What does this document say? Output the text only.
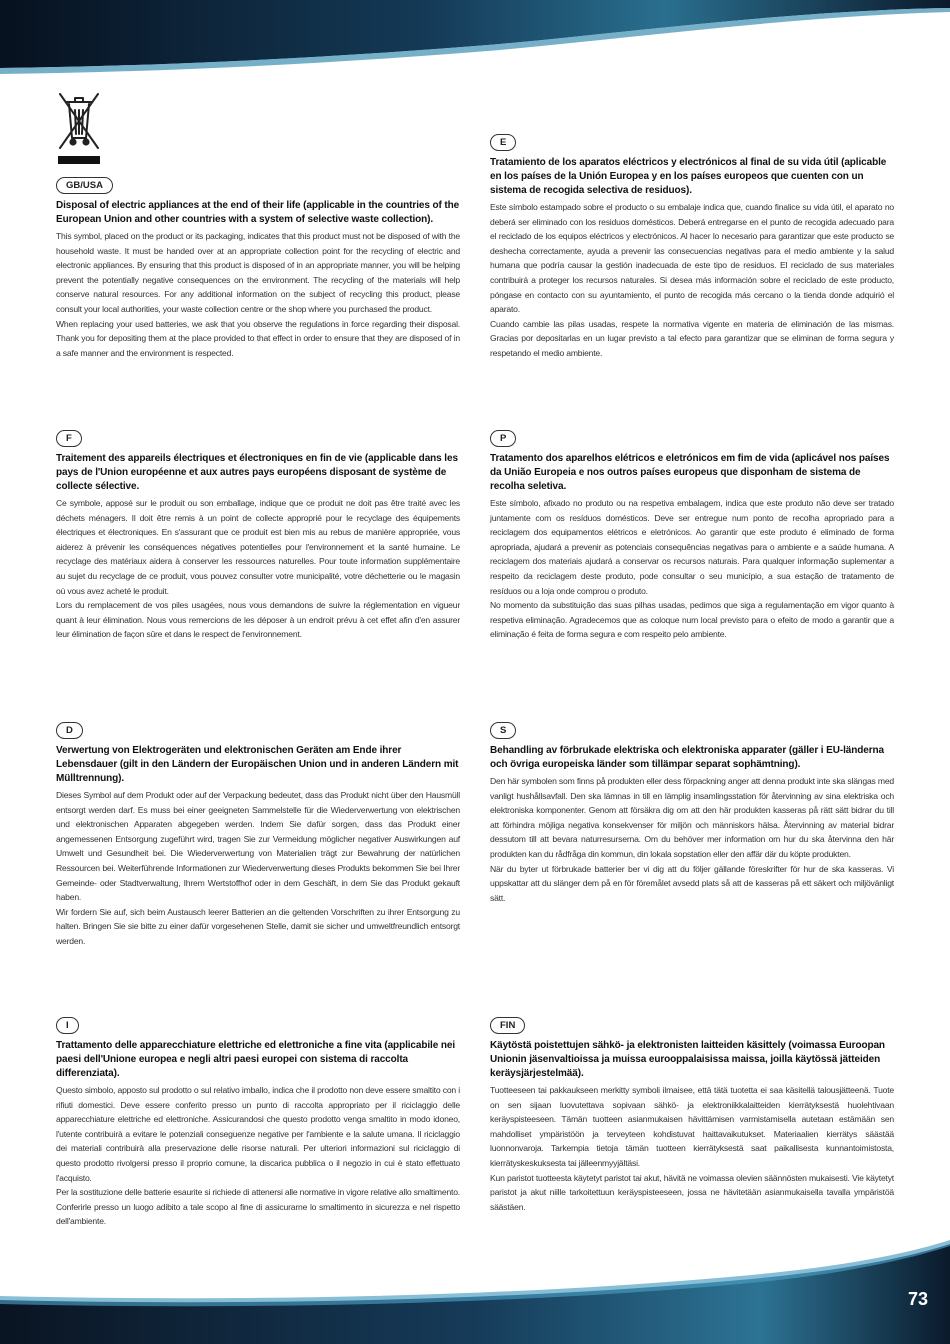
GB/USA

Disposal of electric appliances at the end of their life (applicable in the countries of the European Union and other countries with a system of selective waste collection).

This symbol, placed on the product or its packaging, indicates that this product must not be disposed of with the household waste. It must be handed over at an appropriate collection point for the recycling of electric and electronic appliances. By ensuring that this product is disposed of in an appropriate manner, you will be helping prevent the potentially negative consequences on the environment. The recycling of the materials will help conserve natural resources. For any additional information on the subject of recycling this product, please consult your local authorities, your waste collection centre or the shop where you purchased the product.

When replacing your used batteries, we ask that you observe the regulations in force regarding their disposal. Thank you for depositing them at the place provided to that effect in order to ensure that they are disposed of in a safe manner and the environment is respected.

E

Tratamiento de los aparatos eléctricos y electrónicos al final de su vida útil (aplicable en los países de la Unión Europea y en los países europeos que cuenten con un sistema de recogida selectiva de residuos).

Este símbolo estampado sobre el producto o su embalaje indica que, cuando finalice su vida útil, el aparato no deberá ser eliminado con los residuos domésticos. Deberá entregarse en el punto de recogida adecuado para el reciclado de los equipos eléctricos y electrónicos. Al hacer lo necesario para garantizar que este producto se deshecha correctamente, ayuda a prevenir las consecuencias negativas para el medio ambiente y la salud humana que podría causar la gestión inadecuada de este tipo de residuos. El reciclado de sus materiales contribuirá a proteger los recursos naturales. Si desea más información sobre el reciclado de este producto, póngase en contacto con su ayuntamiento, el punto de recogida más cercano o la tienda donde adquirió el aparato.

Cuando cambie las pilas usadas, respete la normativa vigente en materia de eliminación de las mismas. Gracias por depositarlas en un lugar previsto a tal efecto para garantizar que se eliminan de forma segura y respetando el medio ambiente.

F

Traitement des appareils électriques et électroniques en fin de vie (applicable dans les pays de l'Union européenne et aux autres pays européens disposant de système de collecte sélective.

Ce symbole, apposé sur le produit ou son emballage, indique que ce produit ne doit pas être traité avec les déchets ménagers. Il doit être remis à un point de collecte approprié pour le recyclage des équipements électriques et électroniques. En s'assurant que ce produit est bien mis au rebus de manière appropriée, vous aiderez à prévenir les conséquences négatives potentielles pour l'environnement et la santé humaine. Le recyclage des matériaux aidera à conserver les ressources naturelles. Pour toute information supplémentaire au sujet du recyclage de ce produit, vous pouvez consulter votre municipalité, votre déchetterie ou le magasin où vous avez acheté le produit.

Lors du remplacement de vos piles usagées, nous vous demandons de suivre la réglementation en vigueur quant à leur élimination. Nous vous remercions de les déposer à un endroit prévu à cet effet afin d'en assurer leur élimination de façon sûre et dans le respect de l'environnement.

P

Tratamento dos aparelhos elétricos e eletrónicos em fim de vida (aplicável nos países da União Europeia e nos outros países europeus que disponham de sistema de recolha seletiva.

Este símbolo, afixado no produto ou na respetiva embalagem, indica que este produto não deve ser tratado juntamente com os resíduos domésticos. Deve ser entregue num ponto de recolha apropriado para a reciclagem dos equipamentos elétricos e eletrónicos. Ao garantir que este produto é eliminado de forma apropriada, ajudará a prevenir as potenciais consequências negativas para o ambiente e a saúde humana. A reciclagem dos materiais ajudará a conservar os recursos naturais. Para qualquer informação suplementar a respeito da reciclagem deste produto, pode consultar o seu município, a sua estação de tratamento de resíduos ou a loja onde comprou o produto.

No momento da substituição das suas pilhas usadas, pedimos que siga a regulamentação em vigor quanto à respetiva eliminação. Agradecemos que as coloque num local previsto para o efeito de modo a garantir que a eliminação é feita de forma segura e com respeito pelo ambiente.

D

Verwertung von Elektrogeräten und elektronischen Geräten am Ende ihrer Lebensdauer (gilt in den Ländern der Europäischen Union und in anderen Ländern mit Mülltrennung).

Dieses Symbol auf dem Produkt oder auf der Verpackung bedeutet, dass das Produkt nicht über den Hausmüll entsorgt werden darf. Es muss bei einer geeigneten Sammelstelle für die Wiederverwertung von elektrischen und elektronischen Apparaten abgegeben werden. Indem Sie dafür sorgen, dass das Produkt einer angemessenen Entsorgung zugeführt wird, tragen Sie zur Vermeidung möglicher negativer Auswirkungen auf Umwelt und Gesundheit bei. Die Wiederverwertung von Materialien trägt zur Bewahrung der natürlichen Ressourcen bei. Weiterführende Informationen zur Wiederverwertung dieses Produkts bekommen Sie bei Ihrer Gemeinde- oder Stadtverwaltung, Ihrem Wertstoffhof oder in dem Geschäft, in dem Sie das Produkt gekauft haben.

Wir fordern Sie auf, sich beim Austausch leerer Batterien an die geltenden Vorschriften zu ihrer Entsorgung zu halten. Bringen Sie sie bitte zu einer dafür vorgesehenen Stelle, damit sie sicher und umweltfreundlich entsorgt werden.

S

Behandling av förbrukade elektriska och elektroniska apparater (gäller i EU-länderna och övriga europeiska länder som tillämpar separat sophämtning).

Den här symbolen som finns på produkten eller dess förpackning anger att denna produkt inte ska slängas med vanligt hushållsavfall. Den ska lämnas in till en lämplig insamlingsstation för återvinning av sina elektriska och elektroniska komponenter. Genom att försäkra dig om att den här produkten kasseras på rätt sätt bidrar du till att förhindra möjliga negativa konsekvenser för miljön och människors hälsa. Återvinning av material bidrar dessutom till att bevara naturresurserna. Om du behöver mer information om hur du ska återvinna den här produkten kan du rådfråga din kommun, din lokala sopstation eller den affär där du köpte produkten.

När du byter ut förbrukade batterier ber vi dig att du följer gällande föreskrifter för hur de ska kasseras. Vi uppskattar att du slänger dem på en för föremålet avsedd plats så att de kasseras på ett säkert och miljövänligt sätt.

I

Trattamento delle apparecchiature elettriche ed elettroniche a fine vita (applicabile nei paesi dell'Unione europea e negli altri paesi europei con sistema di raccolta differenziata).

Questo simbolo, apposto sul prodotto o sul relativo imballo, indica che il prodotto non deve essere smaltito con i rifiuti domestici. Deve essere conferito presso un punto di raccolta appropriato per il riciclaggio delle apparecchiature elettriche ed elettroniche. Assicurandosi che questo prodotto venga smaltito in modo idoneo, l'utente contribuirà a evitare le potenziali conseguenze negative per l'ambiente e la salute umana. Il riciclaggio dei materiali contribuirà alla preservazione delle risorse naturali. Per ulteriori informazioni sul riciclaggio di questo prodotto rivolgersi presso il proprio comune, la discarica pubblica o il negozio in cui è stato effettuato l'acquisto.

Per la sostituzione delle batterie esaurite si richiede di attenersi alle normative in vigore relative allo smaltimento. Conferirle presso un luogo adibito a tale scopo al fine di assicurarne lo smaltimento in sicurezza e nel rispetto dell'ambiente.

FIN

Käytöstä poistettujen sähkö- ja elektronisten laitteiden käsittely (voimassa Euroopan Unionin jäsenvaltioissa ja muissa eurooppalaisissa maissa, joilla käytössä jätteiden keräysjärjestelmää).

Tuotteeseen tai pakkaukseen merkitty symboli ilmaisee, että tätä tuotetta ei saa käsitellä talousjätteenä. Tuote on sen sijaan luovutettava sopivaan sähkö- ja elektroniikkalaitteiden kierrätyksestä huolehtivaan keräyspisteeseen. Tämän tuotteen asianmukaisen hävittämisen varmistamisella autetaan estämään sen mahdolliset ympäristöön ja terveyteen kohdistuvat haittavaikutukset. Materiaalien kierrätys säästää luonnonvaroja. Tarkempia tietoja tämän tuotteen kierrätyksestä saat paikallisesta kunnantoimistosta, kierrätyskeskuksesta tai jälleenmyyjältäsi.

Kun paristot tuotteesta käytetyt paristot tai akut, hävitä ne voimassa olevien säännösten mukaisesti. Vie käytetyt paristot ja akut niille tarkoitettuun keräyspisteeseen, jossa ne hävitetään asianmukaisella tavalla ympäristöä säästäen.

73
